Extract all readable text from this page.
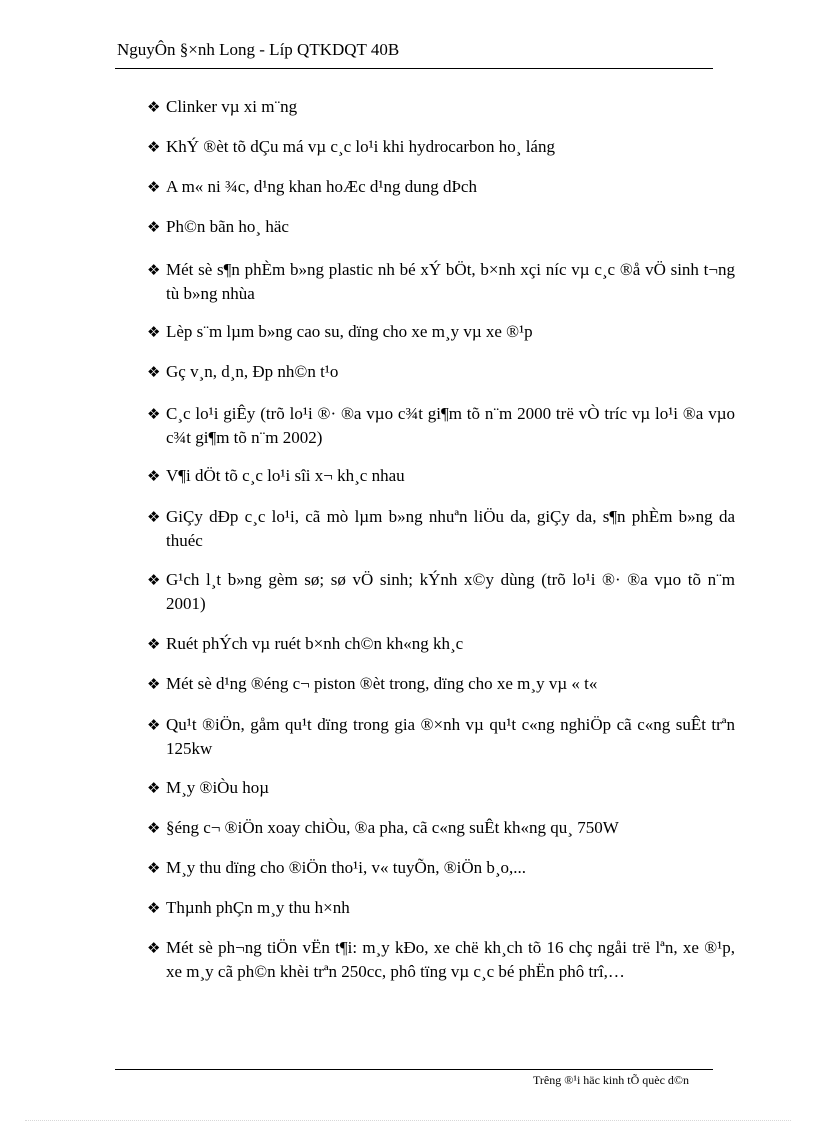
NguyÔn §×nh Long - Líp QTKDQT 40B
❖ Clinker vµ xi m¨ng
❖ KhÝ ®èt tõ dÇu má vµ c¸c lo¹i khi hydrocarbon ho¸ láng
❖ A m« ni ¾c, d¹ng khan hoÆc d¹ng dung dÞch
❖ Ph©n bãn ho¸ häc
❖ Mét sè s¶n phÈm b»ng plastic nh bé xÝ bÖt, b×nh xçi níc vµ c¸c ®å vÖ sinh t¬ng tù b»ng nhùa
❖ Lèp s¨m lµm b»ng cao su, dïng cho xe m¸y vµ xe ®¹p
❖ Gç v¸n, d¸n, Ðp nh©n t¹o
❖ C¸c lo¹i giÊy (trõ lo¹i ®· ®a vµo c¾t gi¶m tõ n¨m 2000 trë vÒ tríc vµ lo¹i ®a vµo c¾t gi¶m tõ n¨m 2002)
❖ V¶i dÖt tõ c¸c lo¹i sîi x¬ kh¸c nhau
❖ GiÇy dÐp c¸c lo¹i, cã mò lµm b»ng nhuªn liÖu da, giÇy da, s¶n phÈm b»ng da thuéc
❖ G¹ch l¸t b»ng gèm sø; sø vÖ sinh; kÝnh x©y dùng (trõ lo¹i ®· ®a vµo tõ n¨m 2001)
❖ Ruét phÝch vµ ruét b×nh ch©n kh«ng kh¸c
❖ Mét sè d¹ng ®éng c¬ piston ®èt trong, dïng cho xe m¸y vµ « t«
❖ Qu¹t ®iÖn, gåm qu¹t dïng trong gia ®×nh vµ qu¹t c«ng nghiÖp cã c«ng suÊt trªn 125kw
❖ M¸y ®iÒu hoµ
❖ §éng c¬ ®iÖn xoay chiÒu, ®a pha, cã c«ng suÊt kh«ng qu¸ 750W
❖ M¸y thu dïng cho ®iÖn tho¹i, v« tuyÕn, ®iÖn b¸o,...
❖ Thµnh phÇn m¸y thu h×nh
❖ Mét sè ph¬ng tiÖn vËn t¶i: m¸y kÐo, xe chë kh¸ch tõ 16 chç ngåi trë lªn, xe ®¹p, xe m¸y cã ph©n khèi trªn 250cc, phô tïng vµ c¸c bé phËn phô trî,…
Trêng ®¹i häc kinh tÕ quèc d©n
